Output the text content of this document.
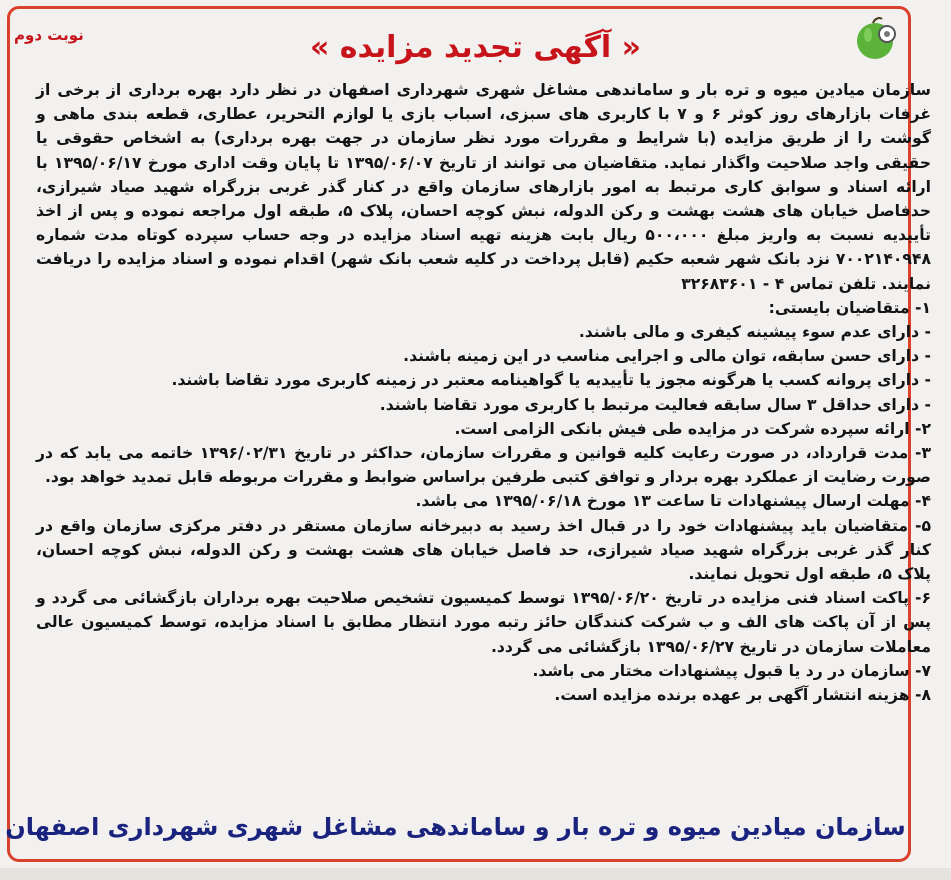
نوبت دوم	« آگهی تجدید مزایده »

سازمان میادین میوه و تره بار و ساماندهی مشاغل شهری شهرداری اصفهان در نظر دارد بهره برداری از برخی از غرفات بازارهای روز کوثر ۶ و ۷ با کاربری های سبزی، اسباب بازی یا لوازم التحریر، عطاری، قطعه بندی ماهی و گوشت را از طریق مزایده (با شرایط و مقررات مورد نظر سازمان در جهت بهره برداری) به اشخاص حقوقی یا حقیقی واجد صلاحیت واگذار نماید. متقاضیان می توانند از تاریخ ۱۳۹۵/۰۶/۰۷ تا پایان وقت اداری مورخ ۱۳۹۵/۰۶/۱۷ با ارائه اسناد و سوابق کاری مرتبط به امور بازارهای سازمان واقع در کنار گذر غربی بزرگراه شهید صیاد شیرازی، حدفاصل خیابان های هشت بهشت و رکن الدوله، نبش کوچه احسان، پلاک ۵، طبقه اول مراجعه نموده و پس از اخذ تأییدیه نسبت به واریز مبلغ ۵۰۰،۰۰۰ ریال بابت هزینه تهیه اسناد مزایده در وجه حساب سپرده کوتاه مدت شماره ۷۰۰۲۱۴۰۹۴۸ نزد بانک شهر شعبه حکیم (قابل پرداخت در کلیه شعب بانک شهر) اقدام نموده و اسناد مزایده را دریافت نمایند. تلفن تماس ۴ - ۳۲۶۸۳۶۰۱

۱- متقاضیان بایستی:

- دارای عدم سوء پیشینه کیفری و مالی باشند.

- دارای حسن سابقه، توان مالی و اجرایی مناسب در این زمینه باشند.

- دارای پروانه کسب یا هرگونه مجوز یا تأییدیه یا گواهینامه معتبر در زمینه کاربری مورد تقاضا باشند.

- دارای حداقل ۳ سال سابقه فعالیت مرتبط با کاربری مورد تقاضا باشند.

۲- ارائه سپرده شرکت در مزایده طی فیش بانکی الزامی است.

۳- مدت قرارداد، در صورت رعایت کلیه قوانین و مقررات سازمان، حداکثر در تاریخ ۱۳۹۶/۰۲/۳۱ خاتمه می یابد که در صورت رضایت از عملکرد بهره بردار و توافق کتبی طرفین براساس ضوابط و مقررات مربوطه قابل تمدید خواهد بود.

۴- مهلت ارسال پیشنهادات تا ساعت ۱۳ مورخ ۱۳۹۵/۰۶/۱۸ می باشد.

۵- متقاضیان باید پیشنهادات خود را در قبال اخذ رسید به دبیرخانه سازمان مستقر در دفتر مرکزی سازمان واقع در کنار گذر غربی بزرگراه شهید صیاد شیرازی، حد فاصل خیابان های هشت بهشت و رکن الدوله، نبش کوچه احسان، پلاک ۵، طبقه اول تحویل نمایند.

۶- پاکت اسناد فنی مزایده در تاریخ ۱۳۹۵/۰۶/۲۰ توسط کمیسیون تشخیص صلاحیت بهره برداران بازگشائی می گردد و پس از آن پاکت های الف و ب شرکت کنندگان حائز رتبه مورد انتظار مطابق با اسناد مزایده، توسط کمیسیون عالی معاملات سازمان در تاریخ ۱۳۹۵/۰۶/۲۷ بازگشائی می گردد.

۷- سازمان در رد یا قبول پیشنهادات مختار می باشد.

۸- هزینه انتشار آگهی بر عهده برنده مزایده است.

سازمان میادین میوه و تره بار و ساماندهی مشاغل شهری شهرداری اصفهان
